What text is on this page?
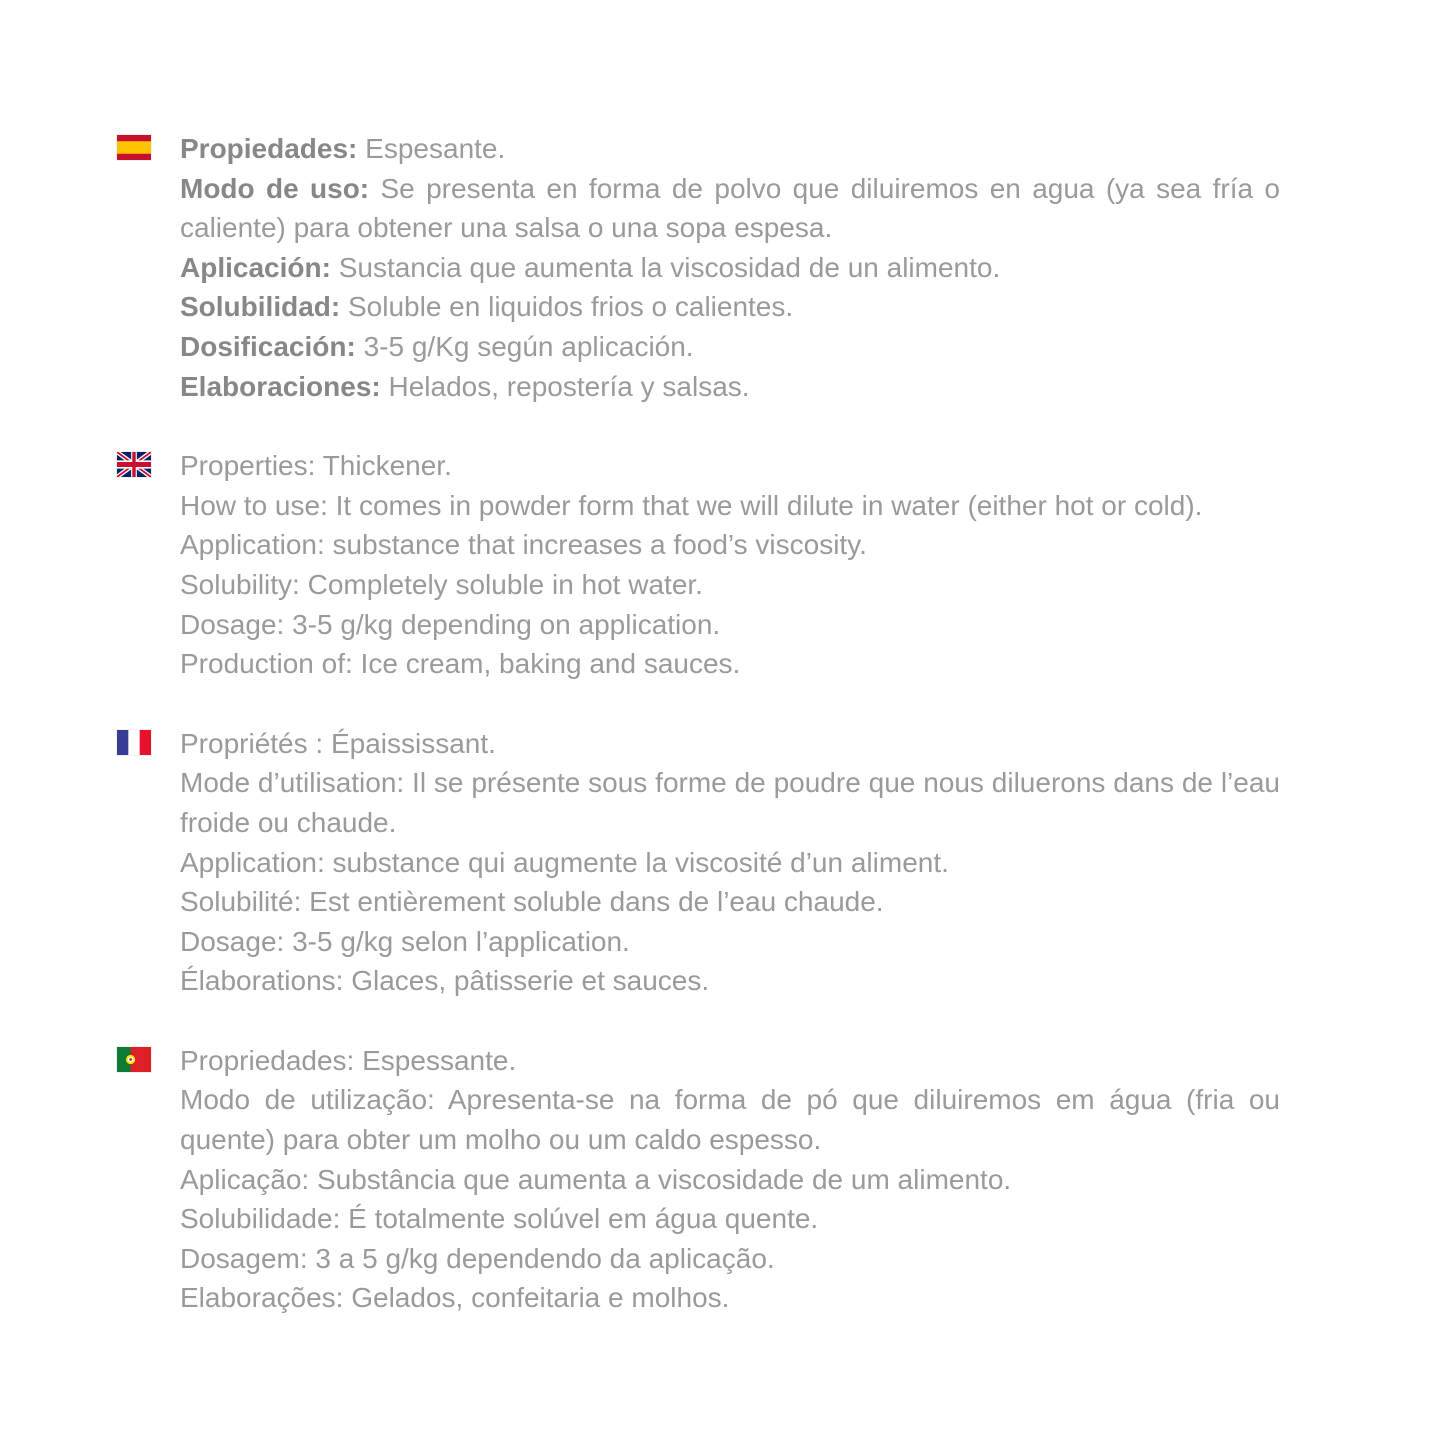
Propiedades: Espesante.

Modo de uso: Se presenta en forma de polvo que diluiremos en agua (ya sea fría o caliente) para obtener una salsa o una sopa espesa.

Aplicación: Sustancia que aumenta la viscosidad de un alimento.

Solubilidad: Soluble en liquidos frios o calientes.

Dosificación: 3-5 g/Kg según aplicación.

Elaboraciones: Helados, repostería y salsas.

Properties: Thickener.

How to use: It comes in powder form that we will dilute in water (either hot or cold).

Application: substance that increases a food’s viscosity.

Solubility: Completely soluble in hot water.

Dosage: 3-5 g/kg depending on application.

Production of: Ice cream, baking and sauces.

Propriétés : Épaississant.

Mode d’utilisation: Il se présente sous forme de poudre que nous diluerons dans de l’eau froide ou chaude.

Application: substance qui augmente la viscosité d’un aliment.

Solubilité: Est entièrement soluble dans de l’eau chaude.

Dosage: 3-5 g/kg selon l’application.

Élaborations: Glaces, pâtisserie et sauces.

Propriedades: Espessante.

Modo de utilização: Apresenta-se na forma de pó que diluiremos em água (fria ou quente) para obter um molho ou um caldo espesso.

Aplicação: Substância que aumenta a viscosidade de um alimento.

Solubilidade: É totalmente solúvel em água quente.

Dosagem: 3 a 5 g/kg dependendo da aplicação.

Elaborações: Gelados, confeitaria e molhos.
